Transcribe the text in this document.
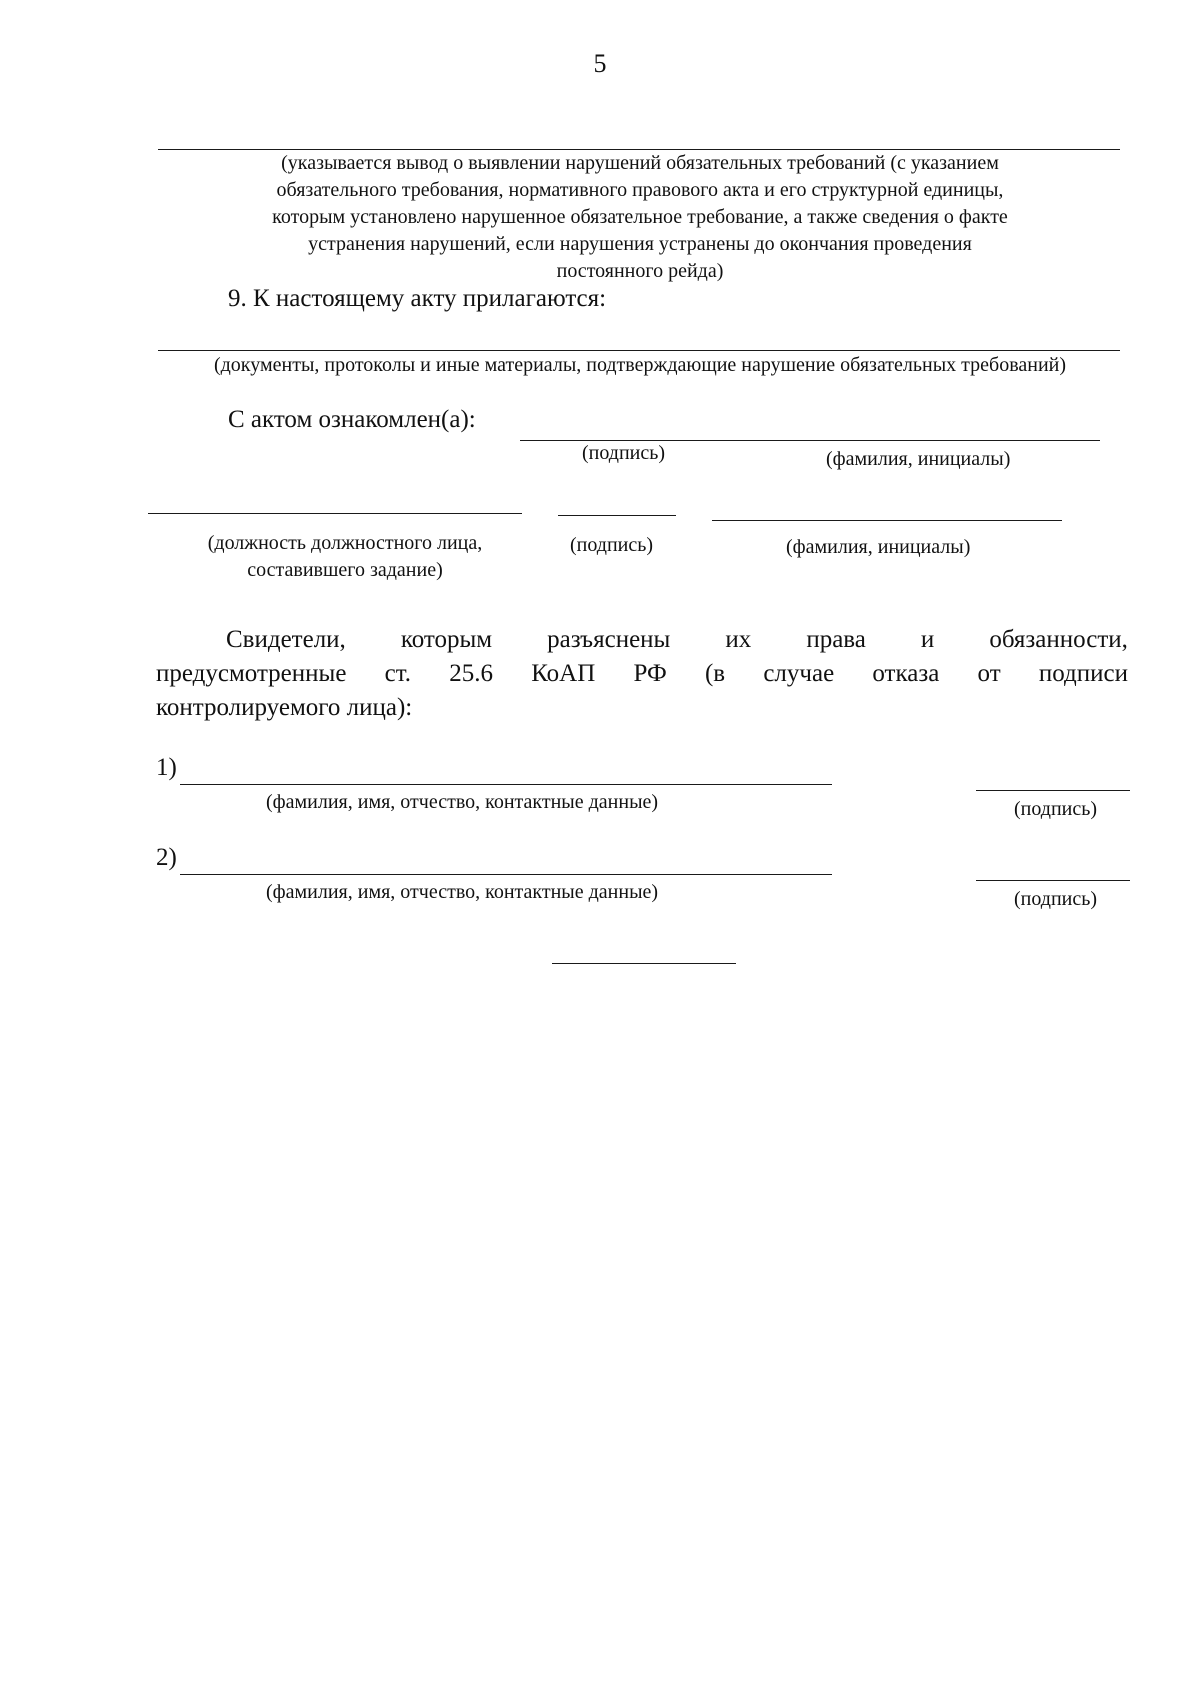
5
(указывается вывод о выявлении нарушений обязательных требований (с указанием
обязательного требования, нормативного правового акта и его структурной единицы,
которым установлено нарушенное обязательное требование, а также сведения о факте
устранения нарушений, если нарушения устранены до окончания проведения
постоянного рейда)
9. К настоящему акту прилагаются:
(документы, протоколы и иные материалы, подтверждающие нарушение обязательных требований)
С актом ознакомлен(а):
(подпись)	(фамилия, инициалы)
(должность должностного лица,
составившего задание)
(подпись)	(фамилия, инициалы)
Свидетели, которым разъяснены их права и обязанности,
предусмотренные ст. 25.6 КоАП РФ (в случае отказа от подписи
контролируемого лица):
1)
(фамилия, имя, отчество, контактные данные)	(подпись)
2)
(фамилия, имя, отчество, контактные данные)	(подпись)
